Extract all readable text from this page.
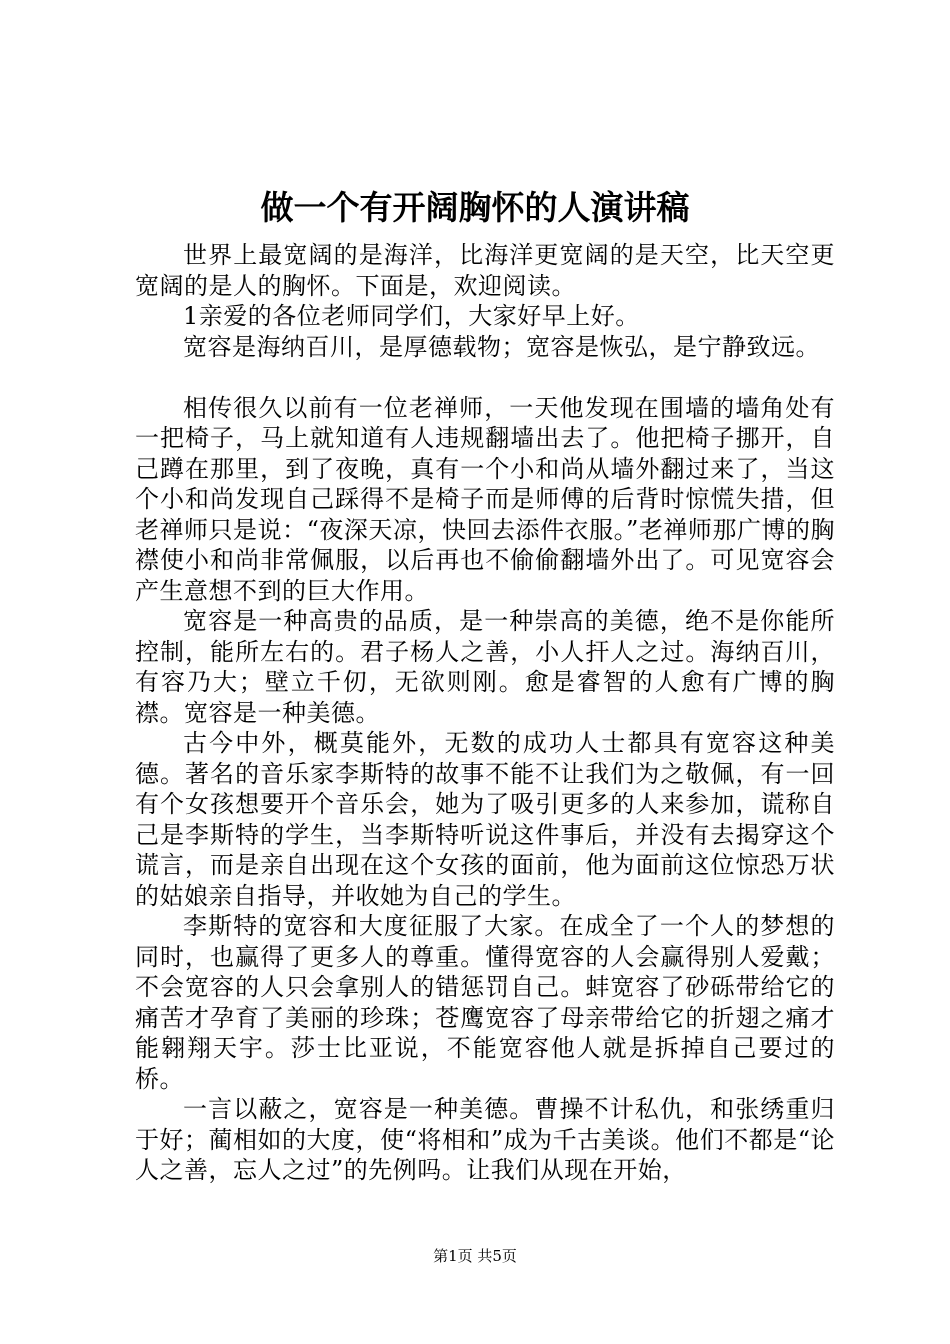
做一个有开阔胸怀的人演讲稿

世界上最宽阔的是海洋，比海洋更宽阔的是天空，比天空更宽阔的是人的胸怀。下面是，欢迎阅读。

1亲爱的各位老师同学们，大家好早上好。

宽容是海纳百川，是厚德载物；宽容是恢弘，是宁静致远。

相传很久以前有一位老禅师，一天他发现在围墙的墙角处有一把椅子，马上就知道有人违规翻墙出去了。他把椅子挪开，自己蹲在那里，到了夜晚，真有一个小和尚从墙外翻过来了，当这个小和尚发现自己踩得不是椅子而是师傅的后背时惊慌失措，但老禅师只是说：“夜深天凉，快回去添件衣服。”老禅师那广博的胸襟使小和尚非常佩服，以后再也不偷偷翻墙外出了。可见宽容会产生意想不到的巨大作用。

宽容是一种高贵的品质，是一种崇高的美德，绝不是你能所控制，能所左右的。君子杨人之善，小人扞人之过。海纳百川，有容乃大；壁立千仞，无欲则刚。愈是睿智的人愈有广博的胸襟。宽容是一种美德。

古今中外，概莫能外，无数的成功人士都具有宽容这种美德。著名的音乐家李斯特的故事不能不让我们为之敬佩，有一回有个女孩想要开个音乐会，她为了吸引更多的人来参加，谎称自己是李斯特的学生，当李斯特听说这件事后，并没有去揭穿这个谎言，而是亲自出现在这个女孩的面前，他为面前这位惊恐万状的姑娘亲自指导，并收她为自己的学生。

李斯特的宽容和大度征服了大家。在成全了一个人的梦想的同时，也赢得了更多人的尊重。懂得宽容的人会赢得别人爱戴；不会宽容的人只会拿别人的错惩罚自己。蚌宽容了砂砾带给它的痛苦才孕育了美丽的珍珠；苍鹰宽容了母亲带给它的折翅之痛才能翱翔天宇。莎士比亚说，不能宽容他人就是拆掉自己要过的桥。

一言以蔽之，宽容是一种美德。曹操不计私仇，和张绣重归于好；蔺相如的大度，使“将相和”成为千古美谈。他们不都是“论人之善，忘人之过”的先例吗。让我们从现在开始，

第1页 共5页
